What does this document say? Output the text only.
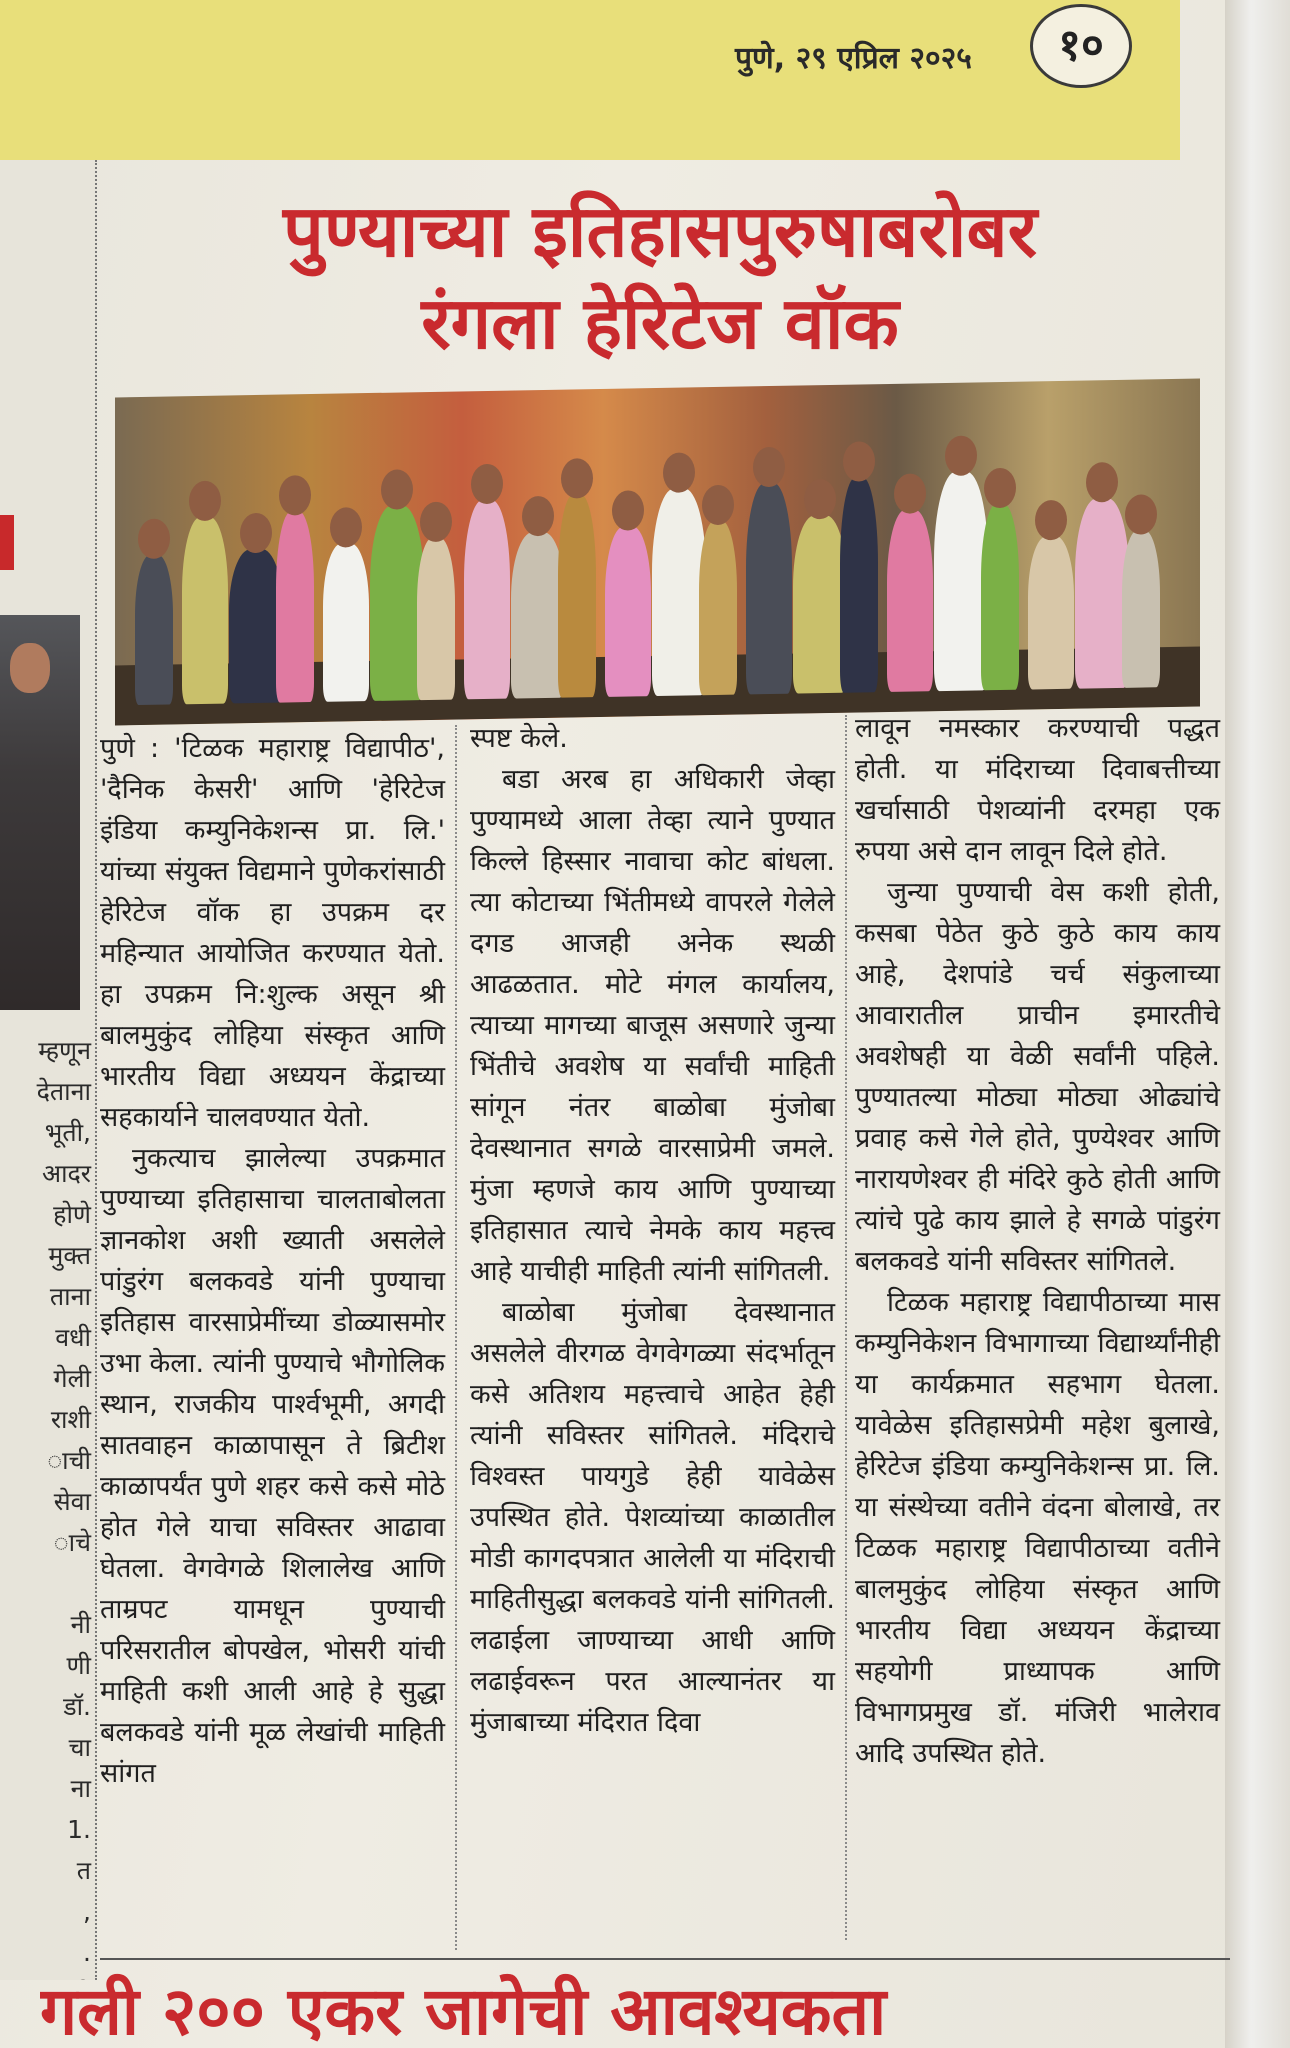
पुणे, २९ एप्रिल २०२५	१०
म्हणून
देताना
भूती,
आदर
होणे
मुक्त
ताना
वधी
गेली
राशी
ाची
सेवा
ाचे
नी
णी
डॉ.
चा
ना
1.
त
,
.
पुण्याच्या इतिहासपुरुषाबरोबर
रंगला हेरिटेज वॉक

पुणे : 'टिळक महाराष्ट्र विद्यापीठ', 'दैनिक केसरी' आणि 'हेरिटेज इंडिया कम्युनिकेशन्स प्रा. लि.' यांच्या संयुक्त विद्यमाने पुणेकरांसाठी हेरिटेज वॉक हा उपक्रम दर महिन्यात आयोजित करण्यात येतो. हा उपक्रम नि:शुल्क असून श्री बालमुकुंद लोहिया संस्कृत आणि भारतीय विद्या अध्ययन केंद्राच्या सहकार्याने चालवण्यात येतो.

नुकत्याच झालेल्या उपक्रमात पुण्याच्या इतिहासाचा चालताबोलता ज्ञानकोश अशी ख्याती असलेले पांडुरंग बलकवडे यांनी पुण्याचा इतिहास वारसाप्रेमींच्या डोळ्यासमोर उभा केला. त्यांनी पुण्याचे भौगोलिक स्थान, राजकीय पार्श्वभूमी, अगदी सातवाहन काळापासून ते ब्रिटीश काळापर्यंत पुणे शहर कसे कसे मोठे होत गेले याचा सविस्तर आढावा घेतला. वेगवेगळे शिलालेख आणि ताम्रपट यामधून पुण्याची परिसरातील बोपखेल, भोसरी यांची माहिती कशी आली आहे हे सुद्धा बलकवडे यांनी मूळ लेखांची माहिती सांगत

स्पष्ट केले.

बडा अरब हा अधिकारी जेव्हा पुण्यामध्ये आला तेव्हा त्याने पुण्यात किल्ले हिस्सार नावाचा कोट बांधला. त्या कोटाच्या भिंतीमध्ये वापरले गेलेले दगड आजही अनेक स्थळी आढळतात. मोटे मंगल कार्यालय, त्याच्या मागच्या बाजूस असणारे जुन्या भिंतीचे अवशेष या सर्वांची माहिती सांगून नंतर बाळोबा मुंजोबा देवस्थानात सगळे वारसाप्रेमी जमले. मुंजा म्हणजे काय आणि पुण्याच्या इतिहासात त्याचे नेमके काय महत्त्व आहे याचीही माहिती त्यांनी सांगितली.

बाळोबा मुंजोबा देवस्थानात असलेले वीरगळ वेगवेगळ्या संदर्भातून कसे अतिशय महत्त्वाचे आहेत हेही त्यांनी सविस्तर सांगितले. मंदिराचे विश्वस्त पायगुडे हेही यावेळेस उपस्थित होते. पेशव्यांच्या काळातील मोडी कागदपत्रात आलेली या मंदिराची माहितीसुद्धा बलकवडे यांनी सांगितली. लढाईला जाण्याच्या आधी आणि लढाईवरून परत आल्यानंतर या मुंजाबाच्या मंदिरात दिवा

लावून नमस्कार करण्याची पद्धत होती. या मंदिराच्या दिवाबत्तीच्या खर्चासाठी पेशव्यांनी दरमहा एक रुपया असे दान लावून दिले होते.

जुन्या पुण्याची वेस कशी होती, कसबा पेठेत कुठे कुठे काय काय आहे, देशपांडे चर्च संकुलाच्या आवारातील प्राचीन इमारतीचे अवशेषही या वेळी सर्वांनी पहिले. पुण्यातल्या मोठ्या मोठ्या ओढ्यांचे प्रवाह कसे गेले होते, पुण्येश्वर आणि नारायणेश्वर ही मंदिरे कुठे होती आणि त्यांचे पुढे काय झाले हे सगळे पांडुरंग बलकवडे यांनी सविस्तर सांगितले.

टिळक महाराष्ट्र विद्यापीठाच्या मास कम्युनिकेशन विभागाच्या विद्यार्थ्यांनीही या कार्यक्रमात सहभाग घेतला. यावेळेस इतिहासप्रेमी महेश बुलाखे, हेरिटेज इंडिया कम्युनिकेशन्स प्रा. लि. या संस्थेच्या वतीने वंदना बोलाखे, तर टिळक महाराष्ट्र विद्यापीठाच्या वतीने बालमुकुंद लोहिया संस्कृत आणि भारतीय विद्या अध्ययन केंद्राच्या सहयोगी प्राध्यापक आणि विभागप्रमुख डॉ. मंजिरी भालेराव आदि उपस्थित होते.

गली २०० एकर जागेची आवश्यकता
